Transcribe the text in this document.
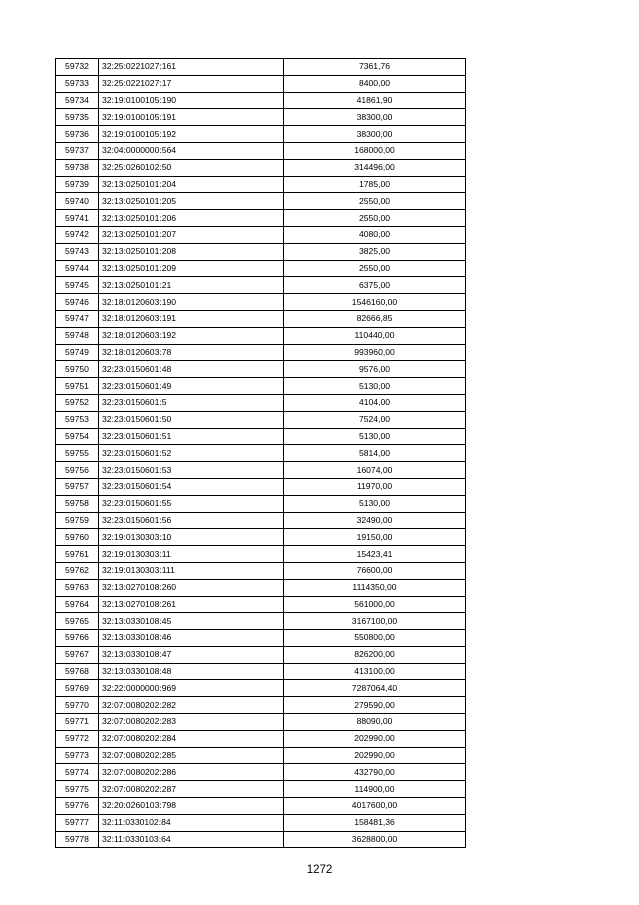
59732	32:25:0221027:161	7361,76
59733	32:25:0221027:17	8400,00
59734	32:19:0100105:190	41861,90
59735	32:19:0100105:191	38300,00
59736	32:19:0100105:192	38300,00
59737	32:04:0000000:564	168000,00
59738	32:25:0260102:50	314496,00
59739	32:13:0250101:204	1785,00
59740	32:13:0250101:205	2550,00
59741	32:13:0250101:206	2550,00
59742	32:13:0250101:207	4080,00
59743	32:13:0250101:208	3825,00
59744	32:13:0250101:209	2550,00
59745	32:13:0250101:21	6375,00
59746	32:18:0120603:190	1546160,00
59747	32:18:0120603:191	82666,85
59748	32:18:0120603:192	110440,00
59749	32:18:0120603:78	993960,00
59750	32:23:0150601:48	9576,00
59751	32:23:0150601:49	5130,00
59752	32:23:0150601:5	4104,00
59753	32:23:0150601:50	7524,00
59754	32:23:0150601:51	5130,00
59755	32:23:0150601:52	5814,00
59756	32:23:0150601:53	16074,00
59757	32:23:0150601:54	11970,00
59758	32:23:0150601:55	5130,00
59759	32:23:0150601:56	32490,00
59760	32:19:0130303:10	19150,00
59761	32:19:0130303:11	15423,41
59762	32:19:0130303:111	76600,00
59763	32:13:0270108:260	1114350,00
59764	32:13:0270108:261	561000,00
59765	32:13:0330108:45	3167100,00
59766	32:13:0330108:46	550800,00
59767	32:13:0330108:47	826200,00
59768	32:13:0330108:48	413100,00
59769	32:22:0000000:969	7287064,40
59770	32:07:0080202:282	279590,00
59771	32:07:0080202:283	88090,00
59772	32:07:0080202:284	202990,00
59773	32:07:0080202:285	202990,00
59774	32:07:0080202:286	432790,00
59775	32:07:0080202:287	114900,00
59776	32:20:0260103:798	4017600,00
59777	32:11:0330102:84	158481,36
59778	32:11:0330103:64	3628800,00
1272
